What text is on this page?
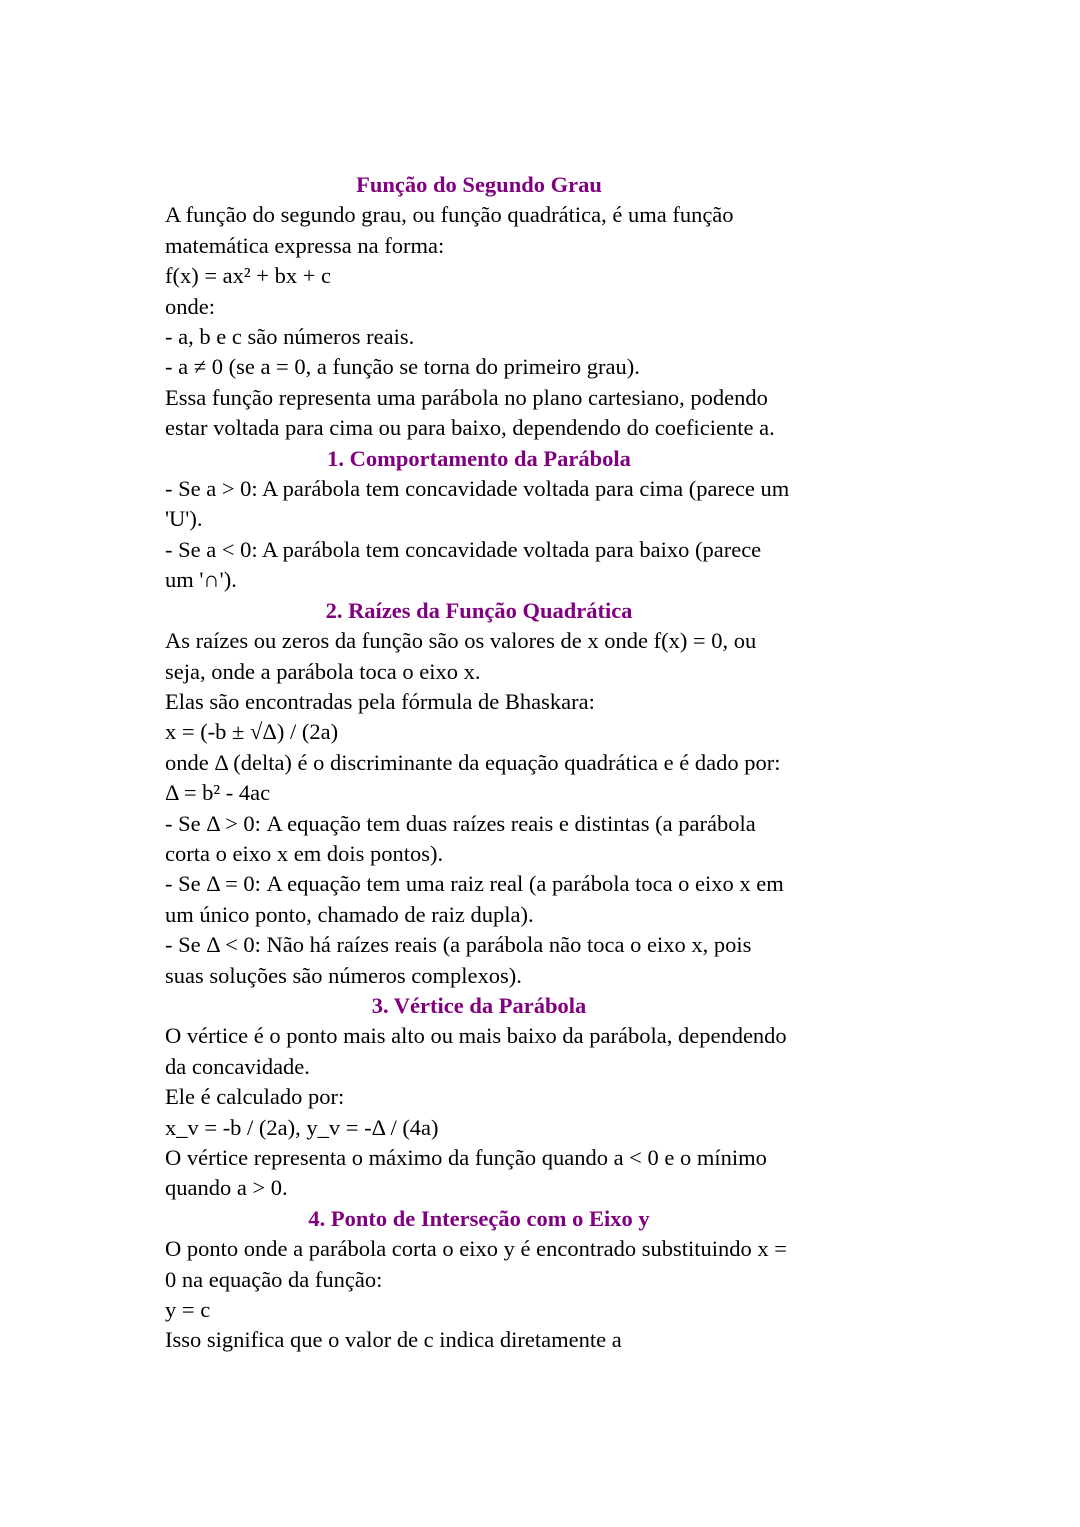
Função do Segundo Grau
A função do segundo grau, ou função quadrática, é uma função matemática expressa na forma:
f(x) = ax² + bx + c
onde:
- a, b e c são números reais.
- a ≠ 0 (se a = 0, a função se torna do primeiro grau).
Essa função representa uma parábola no plano cartesiano, podendo estar voltada para cima ou para baixo, dependendo do coeficiente a.
1. Comportamento da Parábola
- Se a > 0: A parábola tem concavidade voltada para cima (parece um 'U').
- Se a < 0: A parábola tem concavidade voltada para baixo (parece um '∩').
2. Raízes da Função Quadrática
As raízes ou zeros da função são os valores de x onde f(x) = 0, ou seja, onde a parábola toca o eixo x.
Elas são encontradas pela fórmula de Bhaskara:
x = (-b ± √Δ) / (2a)
onde Δ (delta) é o discriminante da equação quadrática e é dado por:
Δ = b² - 4ac
- Se Δ > 0: A equação tem duas raízes reais e distintas (a parábola corta o eixo x em dois pontos).
- Se Δ = 0: A equação tem uma raiz real (a parábola toca o eixo x em um único ponto, chamado de raiz dupla).
- Se Δ < 0: Não há raízes reais (a parábola não toca o eixo x, pois suas soluções são números complexos).
3. Vértice da Parábola
O vértice é o ponto mais alto ou mais baixo da parábola, dependendo da concavidade.
Ele é calculado por:
x_v = -b / (2a), y_v = -Δ / (4a)
O vértice representa o máximo da função quando a < 0 e o mínimo quando a > 0.
4. Ponto de Interseção com o Eixo y
O ponto onde a parábola corta o eixo y é encontrado substituindo x = 0 na equação da função:
y = c
Isso significa que o valor de c indica diretamente a
